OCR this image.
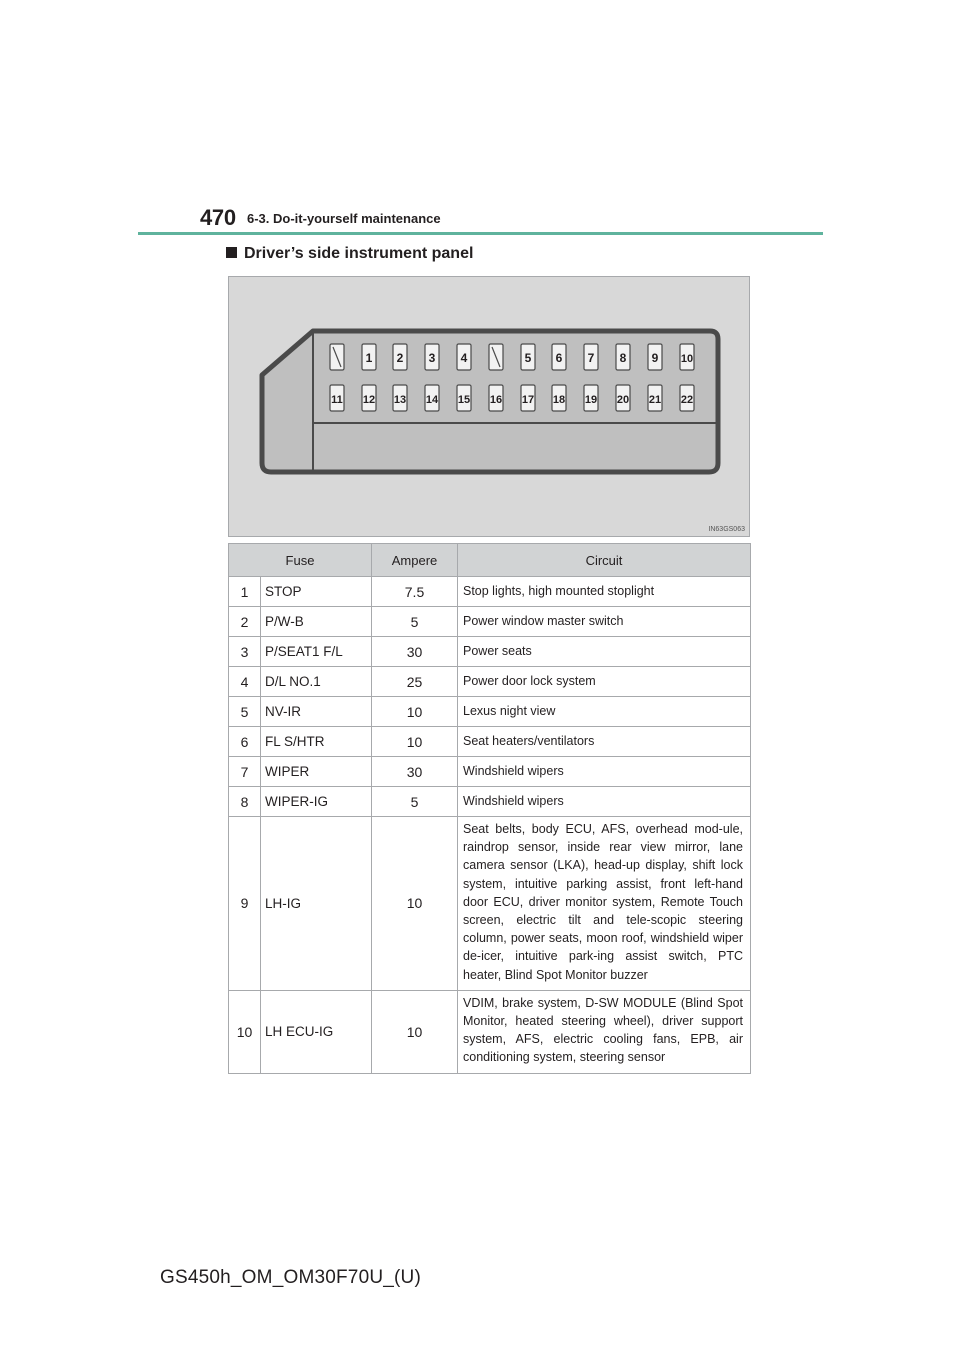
470 6-3. Do-it-yourself maintenance
Driver’s side instrument panel
1 2 3 4	5 6 7 8 9 10
11 12 13 14 15 16 17 18 19 20 21 22
IN63GS063
Fuse		Ampere	Circuit
1	STOP	7.5	Stop lights, high mounted stoplight
2	P/W-B	5	Power window master switch
3	P/SEAT1 F/L	30	Power seats
4	D/L NO.1	25	Power door lock system
5	NV-IR	10	Lexus night view
6	FL S/HTR	10	Seat heaters/ventilators
7	WIPER	30	Windshield wipers
8	WIPER-IG	5	Windshield wipers
9	LH-IG	10	Seat belts, body ECU, AFS, overhead mod-ule, raindrop sensor, inside rear view mirror, lane camera sensor (LKA), head-up display, shift lock system, intuitive parking assist, front left-hand door ECU, driver monitor system, Remote Touch screen, electric tilt and tele-scopic steering column, power seats, moon roof, windshield wiper de-icer, intuitive park-ing assist switch, PTC heater, Blind Spot Monitor buzzer
10	LH ECU-IG	10	VDIM, brake system, D-SW MODULE (Blind Spot Monitor, heated steering wheel), driver support system, AFS, electric cooling fans, EPB, air conditioning system, steering sensor
GS450h_OM_OM30F70U_(U)
